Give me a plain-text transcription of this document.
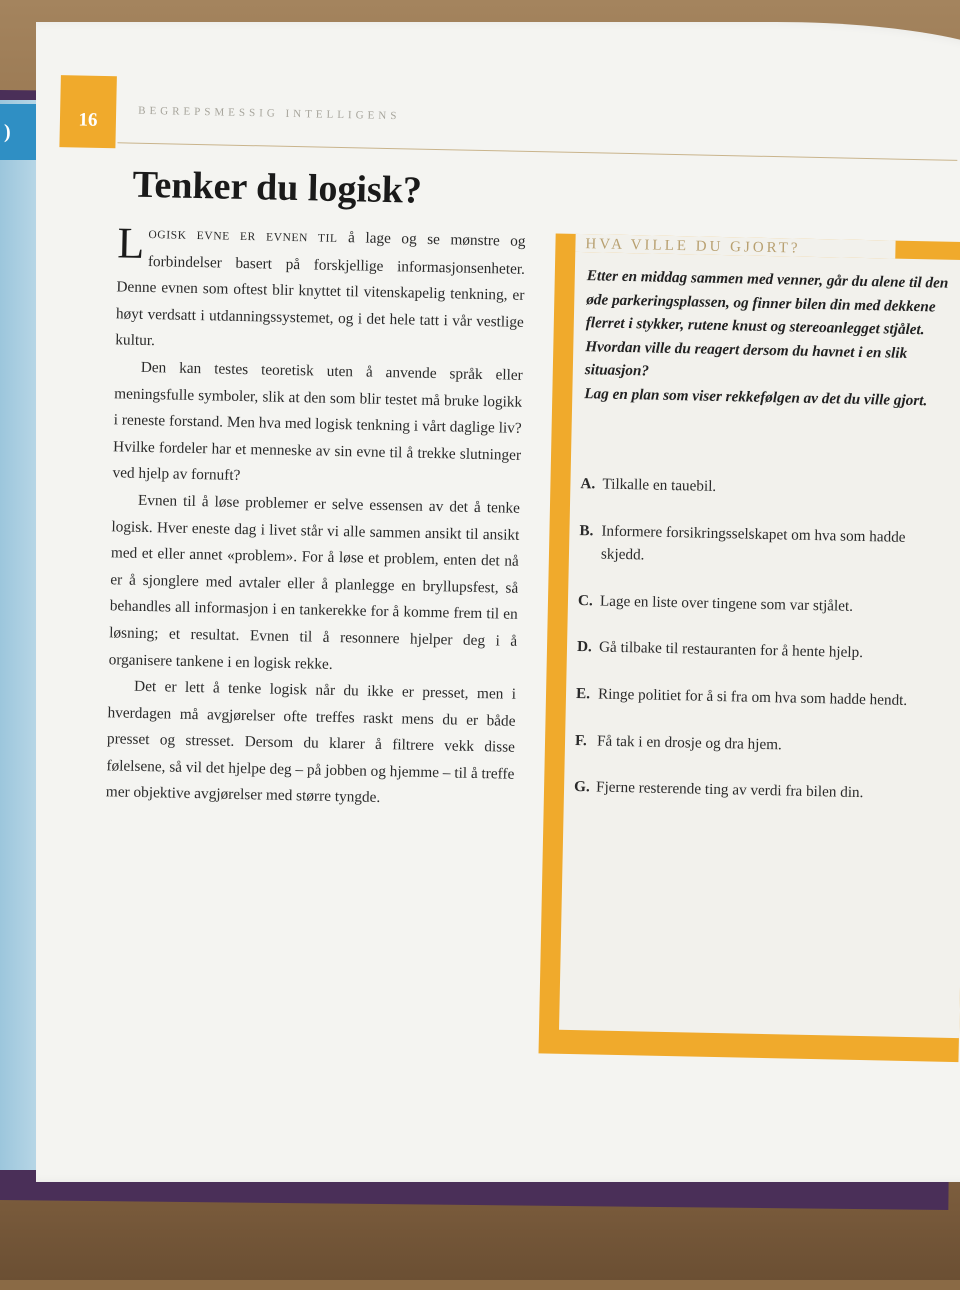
)
16	BEGREPSMESSIG INTELLIGENS
Tenker du logisk?

LOGISK EVNE ER EVNEN TIL å lage og se mønstre og forbindelser basert på forskjellige informasjonsenheter. Denne evnen som oftest blir knyttet til vitenskapelig tenkning, er høyt verdsatt i utdanningssystemet, og i det hele tatt i vår vestlige kultur.

Den kan testes teoretisk uten å anvende språk eller meningsfulle symboler, slik at den som blir testet må bruke logikk i reneste forstand. Men hva med logisk tenkning i vårt daglige liv? Hvilke fordeler har et menneske av sin evne til å trekke slutninger ved hjelp av fornuft?

Evnen til å løse problemer er selve essensen av det å tenke logisk. Hver eneste dag i livet står vi alle sammen ansikt til ansikt med et eller annet «problem». For å løse et problem, enten det nå er å sjonglere med avtaler eller å planlegge en bryllupsfest, så behandles all informasjon i en tankerekke for å komme frem til en løsning; et resultat. Evnen til å resonnere hjelper deg i å organisere tankene i en logisk rekke.

Det er lett å tenke logisk når du ikke er presset, men i hverdagen må avgjørelser ofte treffes raskt mens du er både presset og stresset. Dersom du klarer å filtrere vekk disse følelsene, så vil det hjelpe deg – på jobben og hjemme – til å treffe mer objektive avgjørelser med større tyngde.

HVA VILLE DU GJORT?

Etter en middag sammen med venner, går du alene til den øde parkeringsplassen, og finner bilen din med dekkene flerret i stykker, rutene knust og stereoanlegget stjålet. Hvordan ville du reagert dersom du havnet i en slik situasjon?

Lag en plan som viser rekkefølgen av det du ville gjort.

A. Tilkalle en tauebil.
B. Informere forsikringsselskapet om hva som hadde skjedd.
C. Lage en liste over tingene som var stjålet.
D. Gå tilbake til restauranten for å hente hjelp.
E. Ringe politiet for å si fra om hva som hadde hendt.
F. Få tak i en drosje og dra hjem.
G. Fjerne resterende ting av verdi fra bilen din.
